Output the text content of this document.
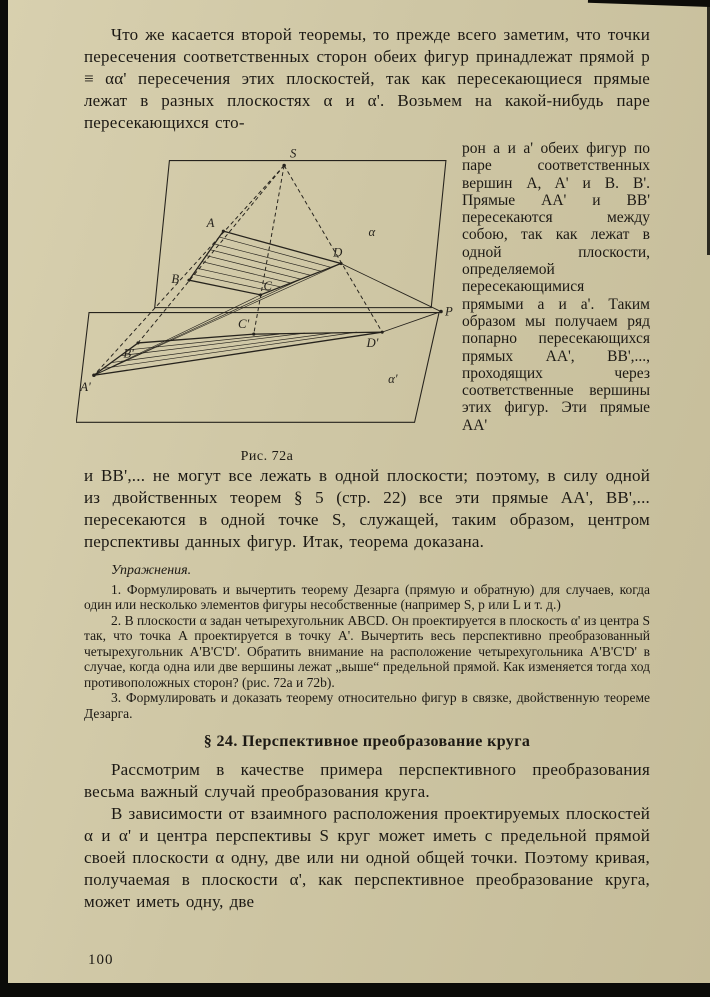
Что же касается второй теоремы, то прежде всего заметим, что точки пересечения соответственных сторон обеих фигур принадлежат прямой p ≡ αα' пересечения этих плоскостей, так как пересекающиеся прямые лежат в разных плоскостях α и α'. Возьмем на какой-нибудь паре пересекающихся сто-

S
α
α'
A
B	C
D
A'
B'
C'
D'
P
Рис. 72а
рон a и a' обеих фигур по паре соответственных вершин A, A' и B. B'. Прямые AA' и BB' пересекаются между собою, так как лежат в одной плоскости, определяемой пересекающимися прямыми a и a'. Таким образом мы получаем ряд попарно пересекающихся прямых AA', BB',..., проходящих через соответственные вершины этих фигур. Эти прямые AA'

и BB',... не могут все лежать в одной плоскости; поэтому, в силу одной из двойственных теорем § 5 (стр. 22) все эти прямые AA', BB',... пересекаются в одной точке S, служащей, таким образом, центром перспективы данных фигур. Итак, теорема доказана.

Упражнения.

1. Формулировать и вычертить теорему Дезарга (прямую и обратную) для случаев, когда один или несколько элементов фигуры несобственные (например S, p или L и т. д.)

2. В плоскости α задан четырехугольник ABCD. Он проектируется в плоскость α' из центра S так, что точка A проектируется в точку A'. Вычертить весь перспективно преобразованный четырехугольник A'B'C'D'. Обратить внимание на расположение четырехугольника A'B'C'D' в случае, когда одна или две вершины лежат „выше“ предельной прямой. Как изменяется тогда ход противоположных сторон? (рис. 72а и 72b).

3. Формулировать и доказать теорему относительно фигур в связке, двойственную теореме Дезарга.

§ 24. Перспективное преобразование круга

Рассмотрим в качестве примера перспективного преобразования весьма важный случай преобразования круга.

В зависимости от взаимного расположения проектируемых плоскостей α и α' и центра перспективы S круг может иметь с предельной прямой своей плоскости α одну, две или ни одной общей точки. Поэтому кривая, получаемая в плоскости α', как перспективное преобразование круга, может иметь одну, две

100
